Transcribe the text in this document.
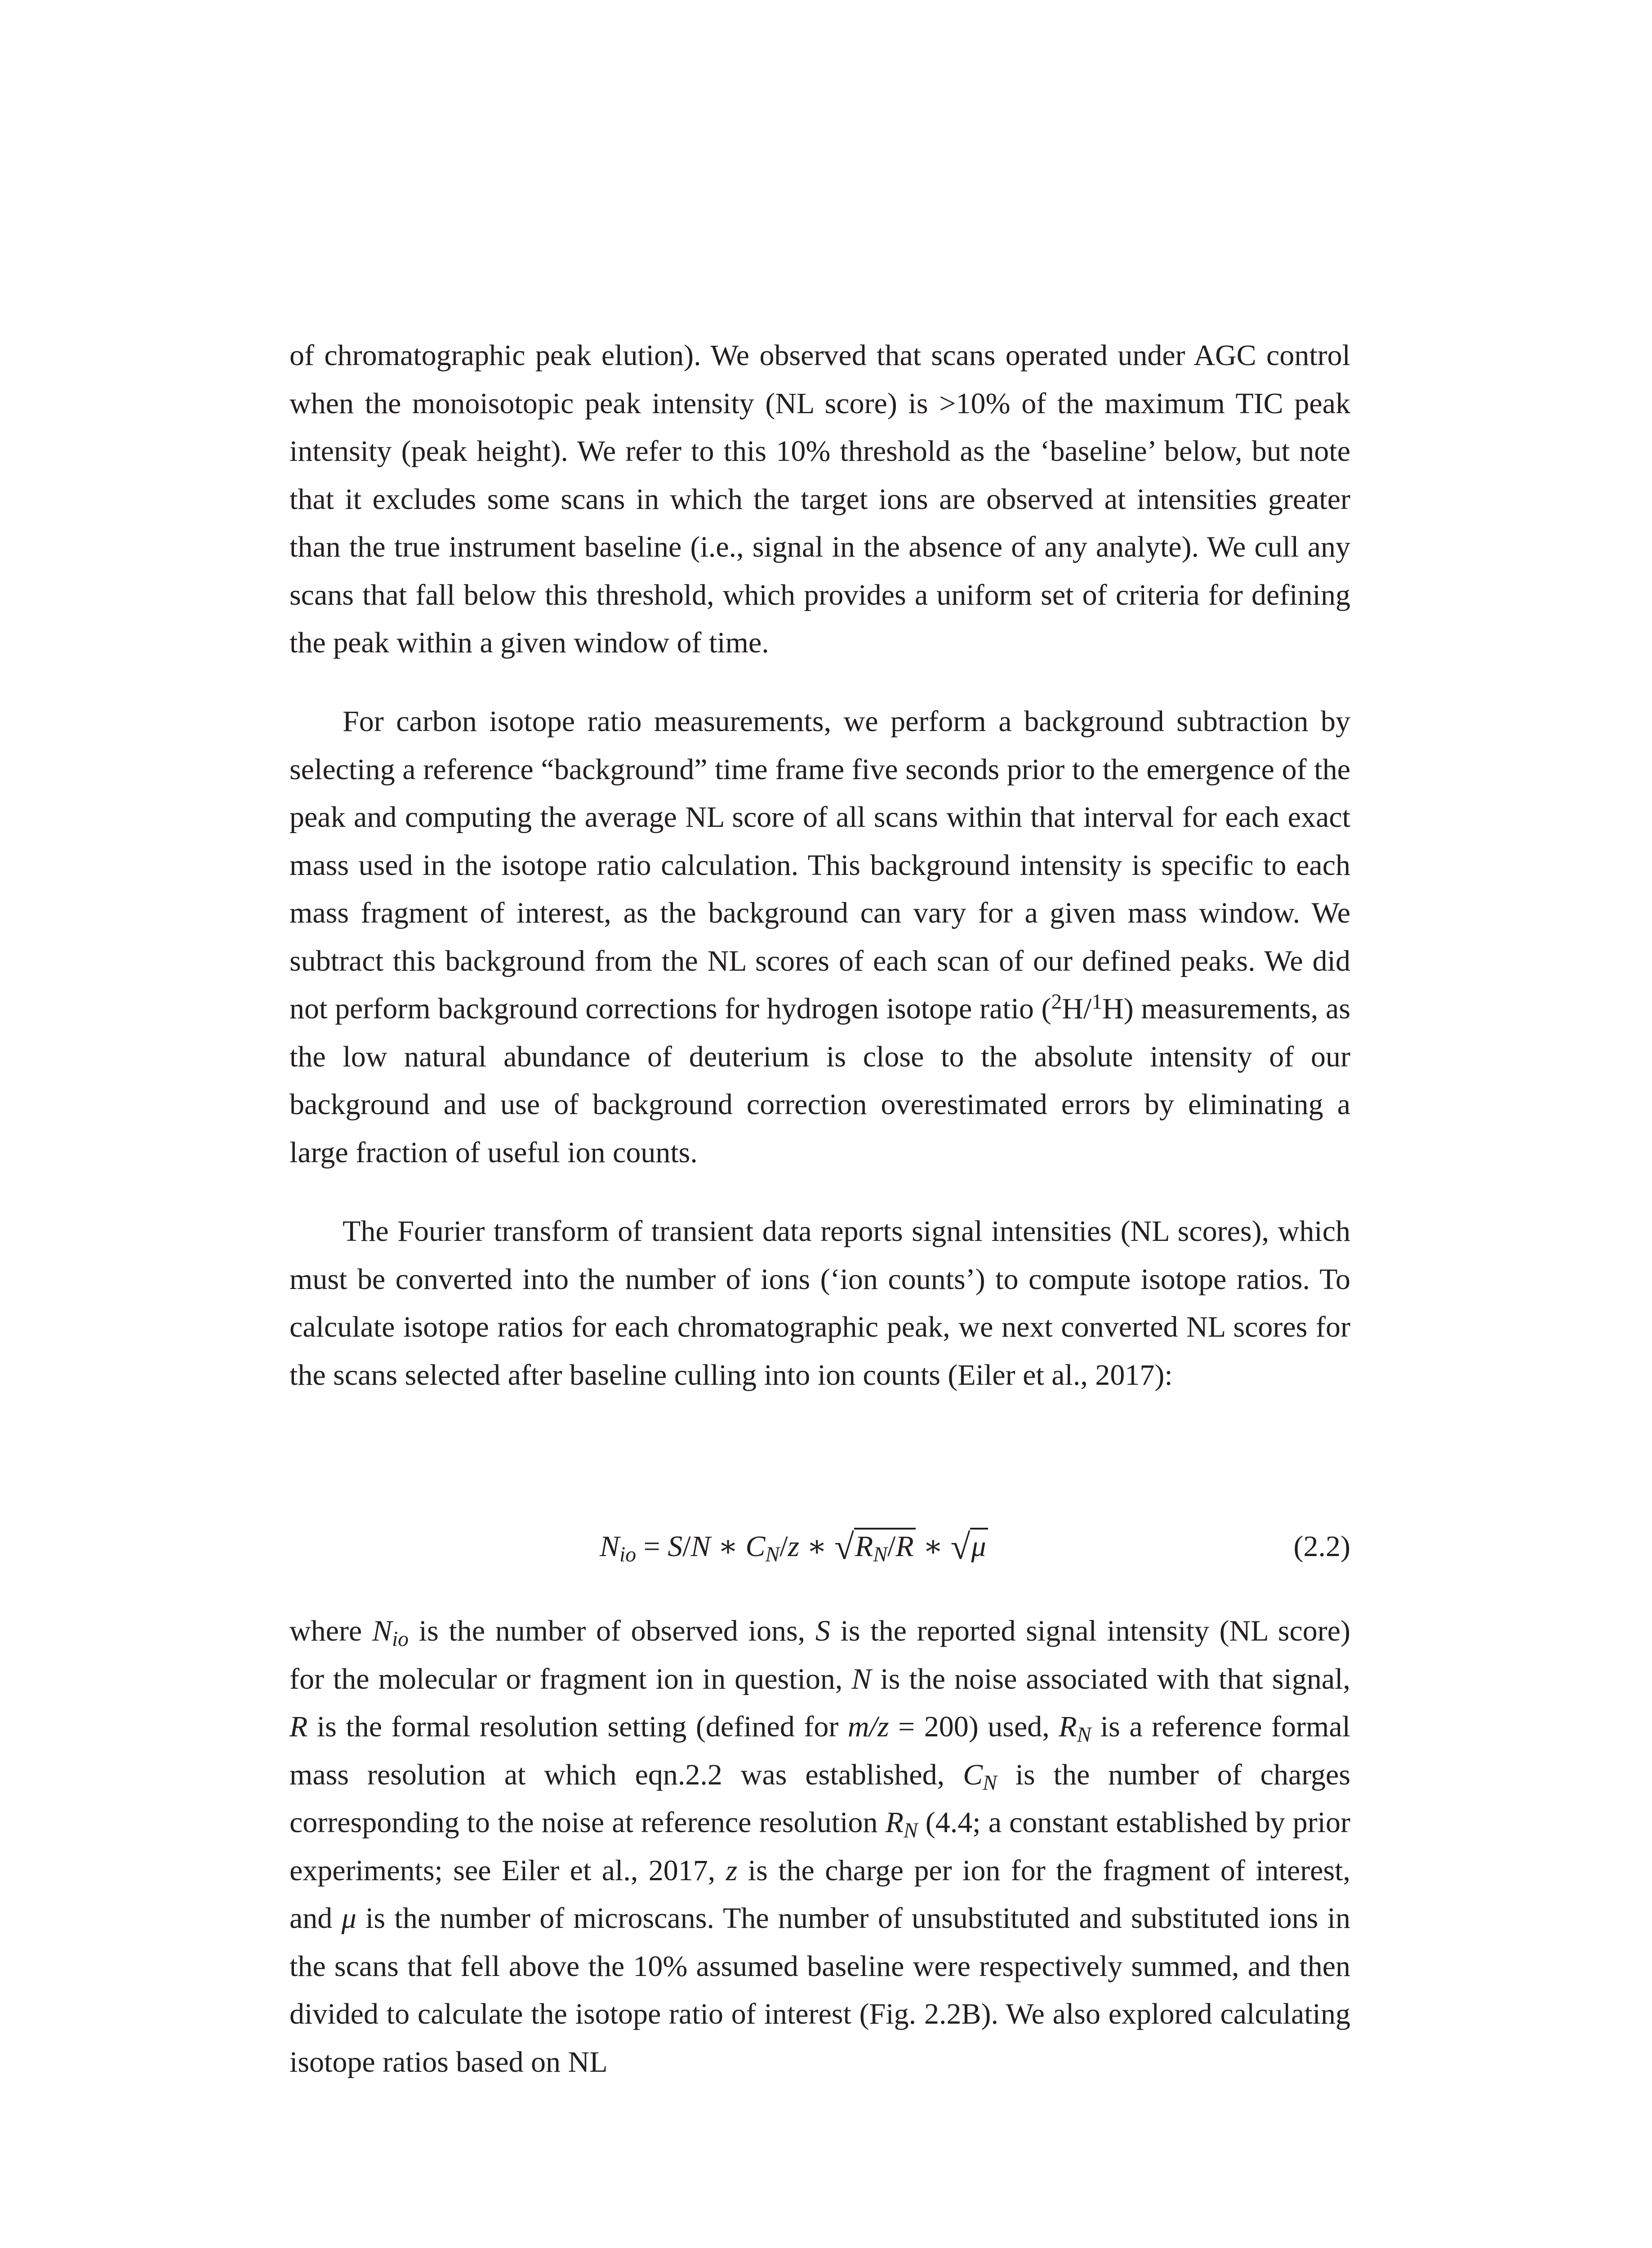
of chromatographic peak elution). We observed that scans operated under AGC control when the monoisotopic peak intensity (NL score) is >10% of the maximum TIC peak intensity (peak height). We refer to this 10% threshold as the ‘baseline’ below, but note that it excludes some scans in which the target ions are observed at intensities greater than the true instrument baseline (i.e., signal in the absence of any analyte). We cull any scans that fall below this threshold, which provides a uniform set of criteria for defining the peak within a given window of time.

For carbon isotope ratio measurements, we perform a background subtraction by selecting a reference “background” time frame five seconds prior to the emergence of the peak and computing the average NL score of all scans within that interval for each exact mass used in the isotope ratio calculation. This background intensity is specific to each mass fragment of interest, as the background can vary for a given mass window. We subtract this background from the NL scores of each scan of our defined peaks. We did not perform background corrections for hydrogen isotope ratio ($^2$H/$^1$H) measurements, as the low natural abundance of deuterium is close to the absolute intensity of our background and use of background correction overestimated errors by eliminating a large fraction of useful ion counts.

The Fourier transform of transient data reports signal intensities (NL scores), which must be converted into the number of ions (‘ion counts’) to compute isotope ratios. To calculate isotope ratios for each chromatographic peak, we next converted NL scores for the scans selected after baseline culling into ion counts (Eiler et al., 2017):

$N_{io} = S/N$ ∗ $C_N/z$ ∗ $√R_N/R$ ∗ √μ	(2.2)

where $N_{io}$ is the number of observed ions, S is the reported signal intensity (NL score) for the molecular or fragment ion in question, N is the noise associated with that signal, R is the formal resolution setting (defined for m/z = 200) used, $R_N$ is a reference formal mass resolution at which eqn.2.2 was established, $C_N$ is the number of charges corresponding to the noise at reference resolution $R_N$ (4.4; a constant established by prior experiments; see Eiler et al., 2017, z is the charge per ion for the fragment of interest, and μ is the number of microscans. The number of unsubstituted and substituted ions in the scans that fell above the 10% assumed baseline were respectively summed, and then divided to calculate the isotope ratio of interest (Fig. 2.2B). We also explored calculating isotope ratios based on NL
